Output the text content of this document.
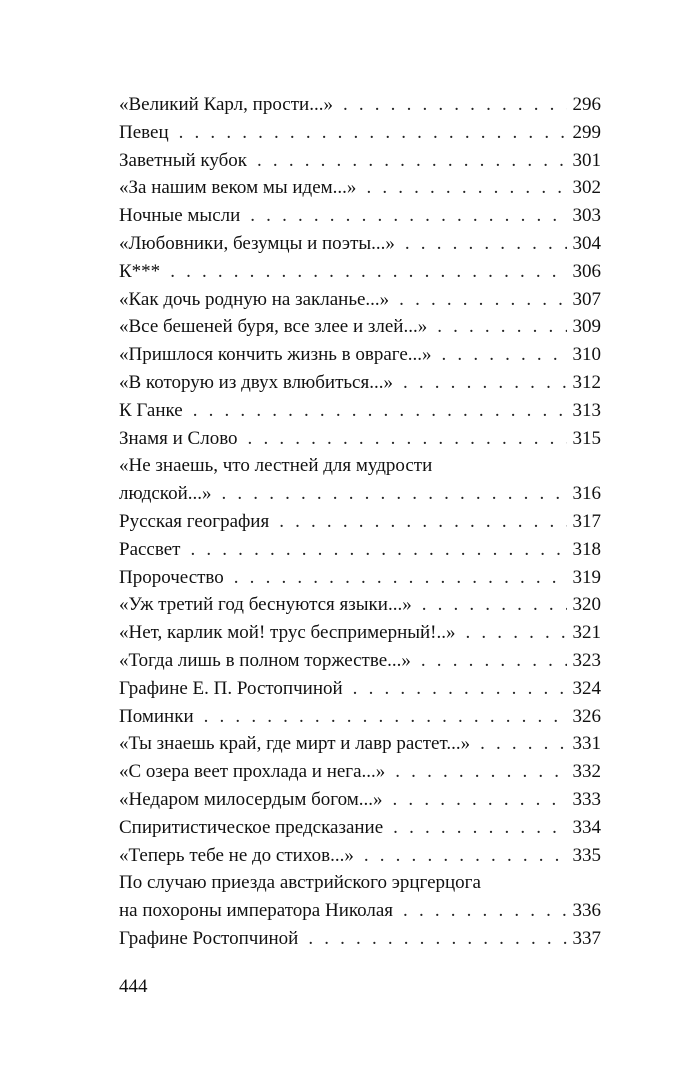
«Великий Карл, прости...» . . .	296
Певец . . .	299
Заветный кубок . . .	301
«За нашим веком мы идем...» . . .	302
Ночные мысли . . .	303
«Любовники, безумцы и поэты...» . . .	304
К*** . . .	306
«Как дочь родную на закланье...» . . .	307
«Все бешеней буря, все злее и злей...» . . .	309
«Пришлося кончить жизнь в овраге...» . . .	310
«В которую из двух влюбиться...» . . .	312
К Ганке . . .	313
Знамя и Слово . . .	315
«Не знаешь, что лестней для мудрости
людской...» . . .	316
Русская география . . .	317
Рассвет . . .	318
Пророчество . . .	319
«Уж третий год беснуются языки...» . . .	320
«Нет, карлик мой! трус беспримерный!..» . . .	321
«Тогда лишь в полном торжестве...» . . .	323
Графине Е. П. Ростопчиной . . .	324
Поминки . . .	326
«Ты знаешь край, где мирт и лавр растет...» . . .	331
«С озера веет прохлада и нега...» . . .	332
«Недаром милосердым богом...» . . .	333
Спиритистическое предсказание . . .	334
«Теперь тебе не до стихов...» . . .	335
По случаю приезда австрийского эрцгерцога
на похороны императора Николая . . .	336
Графине Ростопчиной . . .	337
444
